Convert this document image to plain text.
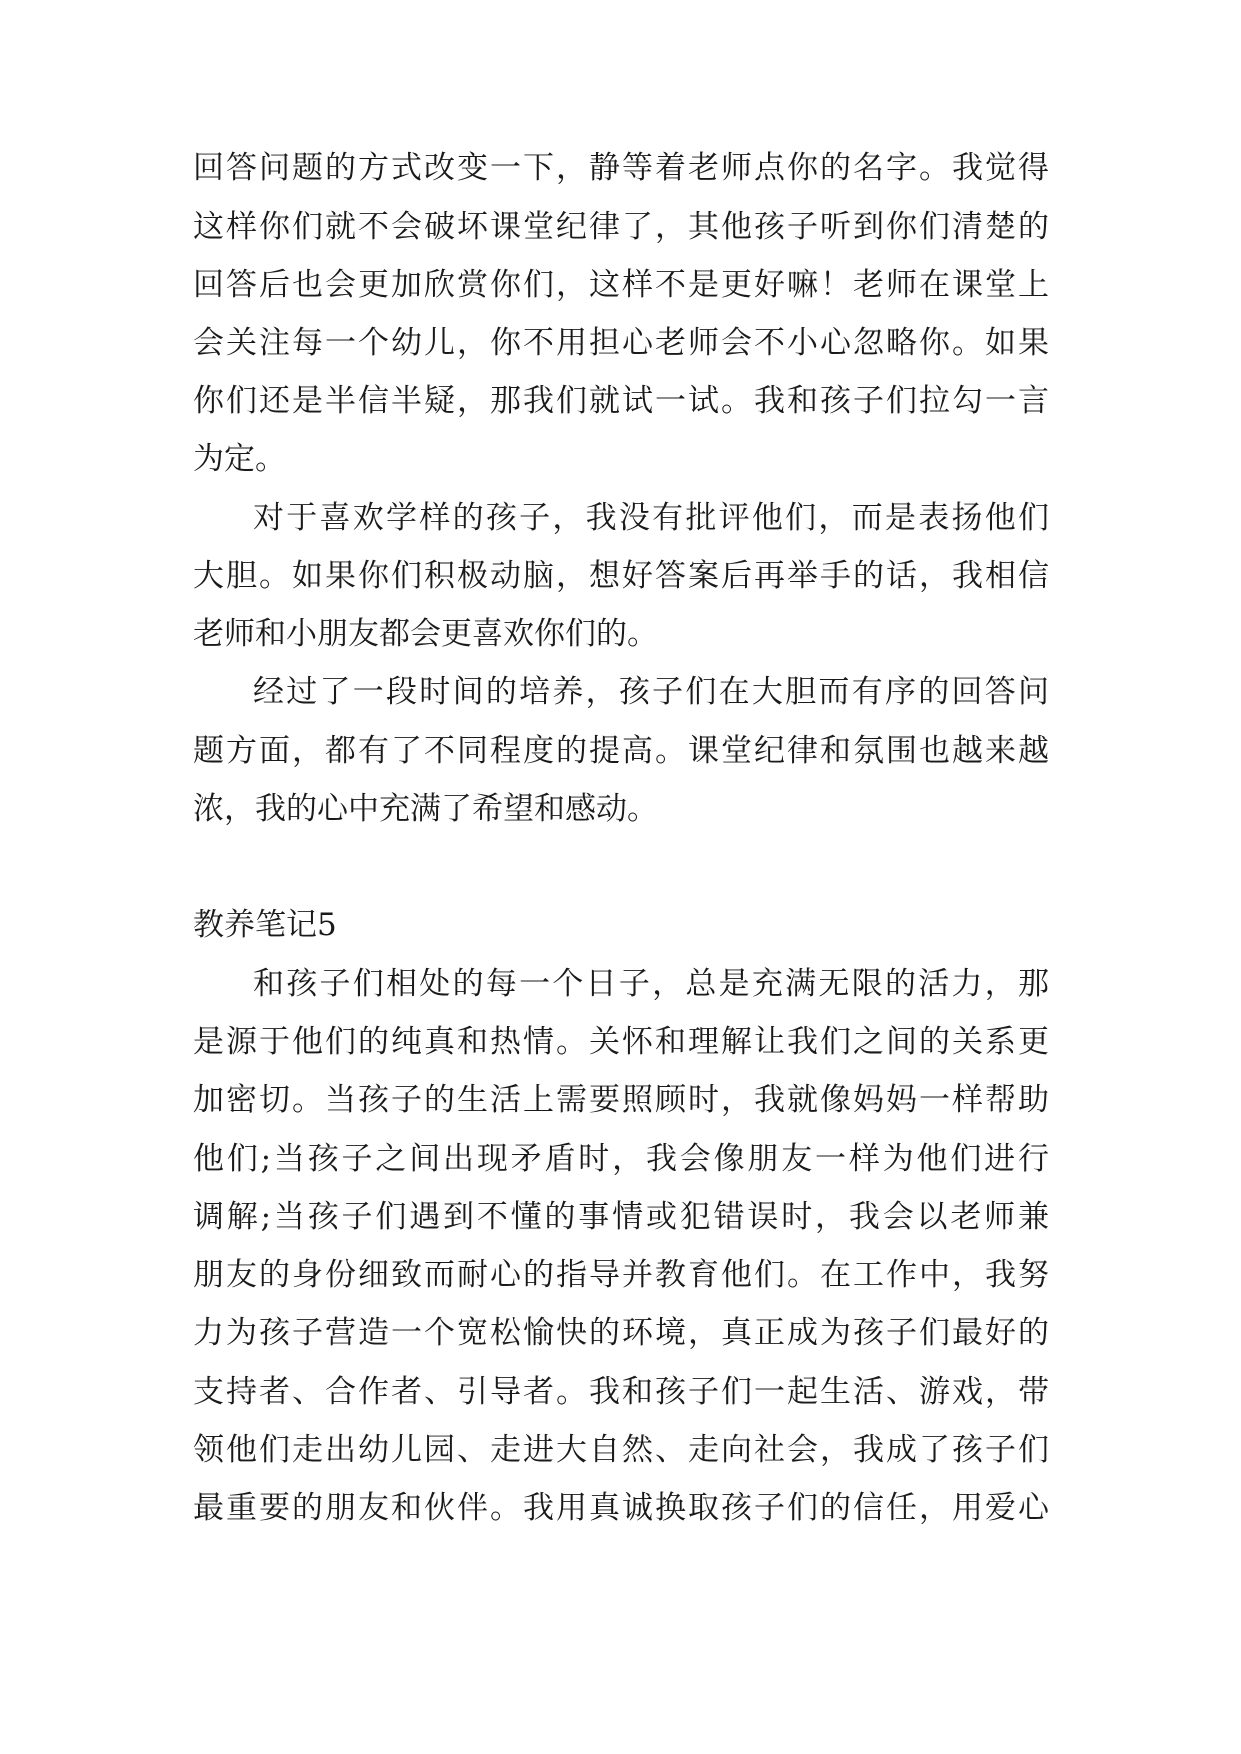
回答问题的方式改变一下，静等着老师点你的名字。我觉得
这样你们就不会破坏课堂纪律了，其他孩子听到你们清楚的
回答后也会更加欣赏你们，这样不是更好嘛！老师在课堂上
会关注每一个幼儿，你不用担心老师会不小心忽略你。如果
你们还是半信半疑，那我们就试一试。我和孩子们拉勾一言
为定。
对于喜欢学样的孩子，我没有批评他们，而是表扬他们
大胆。如果你们积极动脑，想好答案后再举手的话，我相信
老师和小朋友都会更喜欢你们的。
经过了一段时间的培养，孩子们在大胆而有序的回答问
题方面，都有了不同程度的提高。课堂纪律和氛围也越来越
浓，我的心中充满了希望和感动。
教养笔记5
和孩子们相处的每一个日子，总是充满无限的活力，那
是源于他们的纯真和热情。关怀和理解让我们之间的关系更
加密切。当孩子的生活上需要照顾时，我就像妈妈一样帮助
他们;当孩子之间出现矛盾时，我会像朋友一样为他们进行
调解;当孩子们遇到不懂的事情或犯错误时，我会以老师兼
朋友的身份细致而耐心的指导并教育他们。在工作中，我努
力为孩子营造一个宽松愉快的环境，真正成为孩子们最好的
支持者、合作者、引导者。我和孩子们一起生活、游戏，带
领他们走出幼儿园、走进大自然、走向社会，我成了孩子们
最重要的朋友和伙伴。我用真诚换取孩子们的信任，用爱心
